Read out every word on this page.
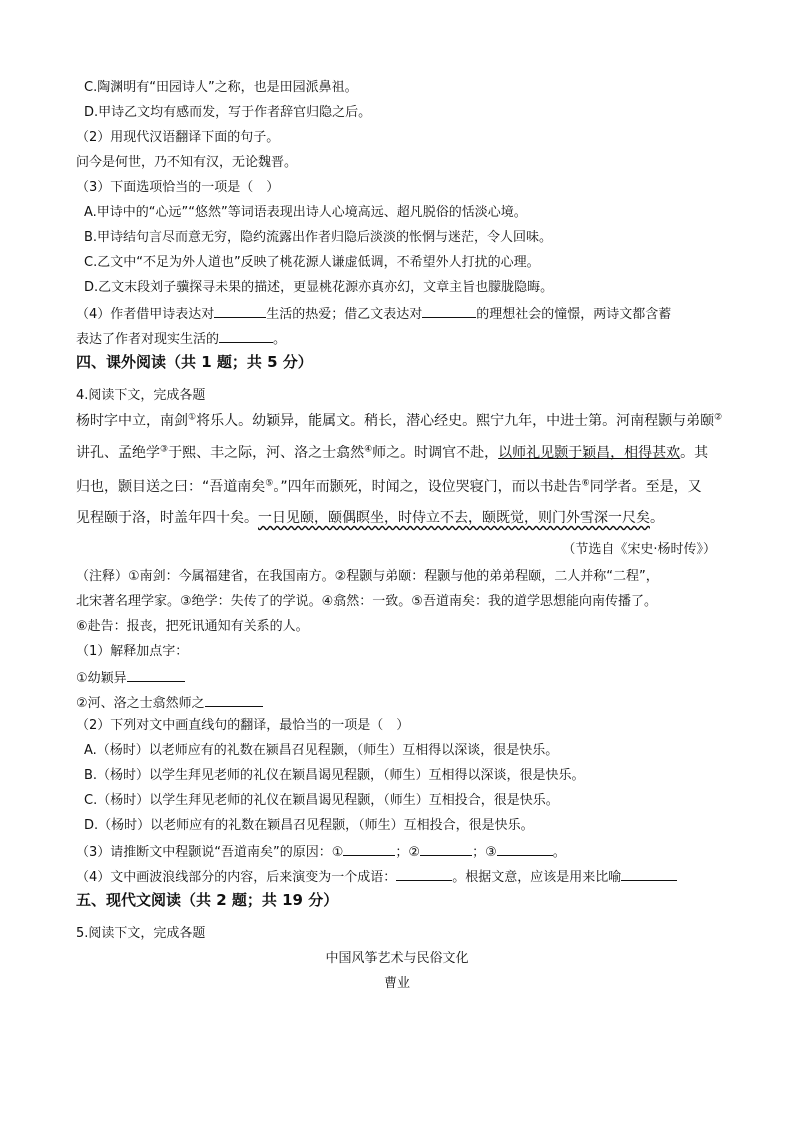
C.陶渊明有“田园诗人”之称，也是田园派鼻祖。
D.甲诗乙文均有感而发，写于作者辞官归隐之后。
（2）用现代汉语翻译下面的句子。
问今是何世，乃不知有汉，无论魏晋。
（3）下面选项恰当的一项是（　）
A.甲诗中的“心远”“悠然”等词语表现出诗人心境高远、超凡脱俗的恬淡心境。
B.甲诗结句言尽而意无穷，隐约流露出作者归隐后淡淡的怅惘与迷茫，令人回味。
C.乙文中“不足为外人道也”反映了桃花源人谦虚低调，不希望外人打扰的心理。
D.乙文末段刘子骥探寻未果的描述，更显桃花源亦真亦幻，文章主旨也朦胧隐晦。
（4）作者借甲诗表达对	生活的热爱；借乙文表达对	的理想社会的憧憬，两诗文都含蓄
表达了作者对现实生活的	。
四、课外阅读（共 1 题；共 5 分）
4.阅读下文，完成各题
杨时字中立，南剑①将乐人。幼颖异，能属文。稍长，潜心经史。熙宁九年，中进士第。河南程颢与弟颐②
讲孔、孟绝学③于熙、丰之际，河、洛之士翕然④师之。时调官不赴，以师礼见颢于颖昌，相得甚欢。其
归也，颢目送之曰：“吾道南矣⑤。”四年而颢死，时闻之，设位哭寝门，而以书赴告⑥同学者。至是，又
见程颐于洛，时盖年四十矣。一日见颐，颐偶瞑坐，时侍立不去，颐既觉，则门外雪深一尺矣。
（节选自《宋史·杨时传》）
（注释）①南剑：今属福建省，在我国南方。②程颢与弟颐：程颢与他的弟弟程颐，二人并称“二程”，
北宋著名理学家。③绝学：失传了的学说。④翕然：一致。⑤吾道南矣：我的道学思想能向南传播了。
⑥赴告：报丧，把死讯通知有关系的人。
（1）解释加点字：
①幼颖异
②河、洛之士翕然师之
（2）下列对文中画直线句的翻译，最恰当的一项是（　）
A.（杨时）以老师应有的礼数在颍昌召见程颢，（师生）互相得以深谈，很是快乐。
B.（杨时）以学生拜见老师的礼仪在颖昌谒见程颢，（师生）互相得以深谈，很是快乐。
C.（杨时）以学生拜见老师的礼仪在颖昌谒见程颢，（师生）互相投合，很是快乐。
D.（杨时）以老师应有的礼数在颖昌召见程颢，（师生）互相投合，很是快乐。
（3）请推断文中程颢说“吾道南矣”的原因：①	；②	；③	。
（4）文中画波浪线部分的内容，后来演变为一个成语：	。根据文意，应该是用来比喻
五、现代文阅读（共 2 题；共 19 分）
5.阅读下文，完成各题
中国风筝艺术与民俗文化
曹业
